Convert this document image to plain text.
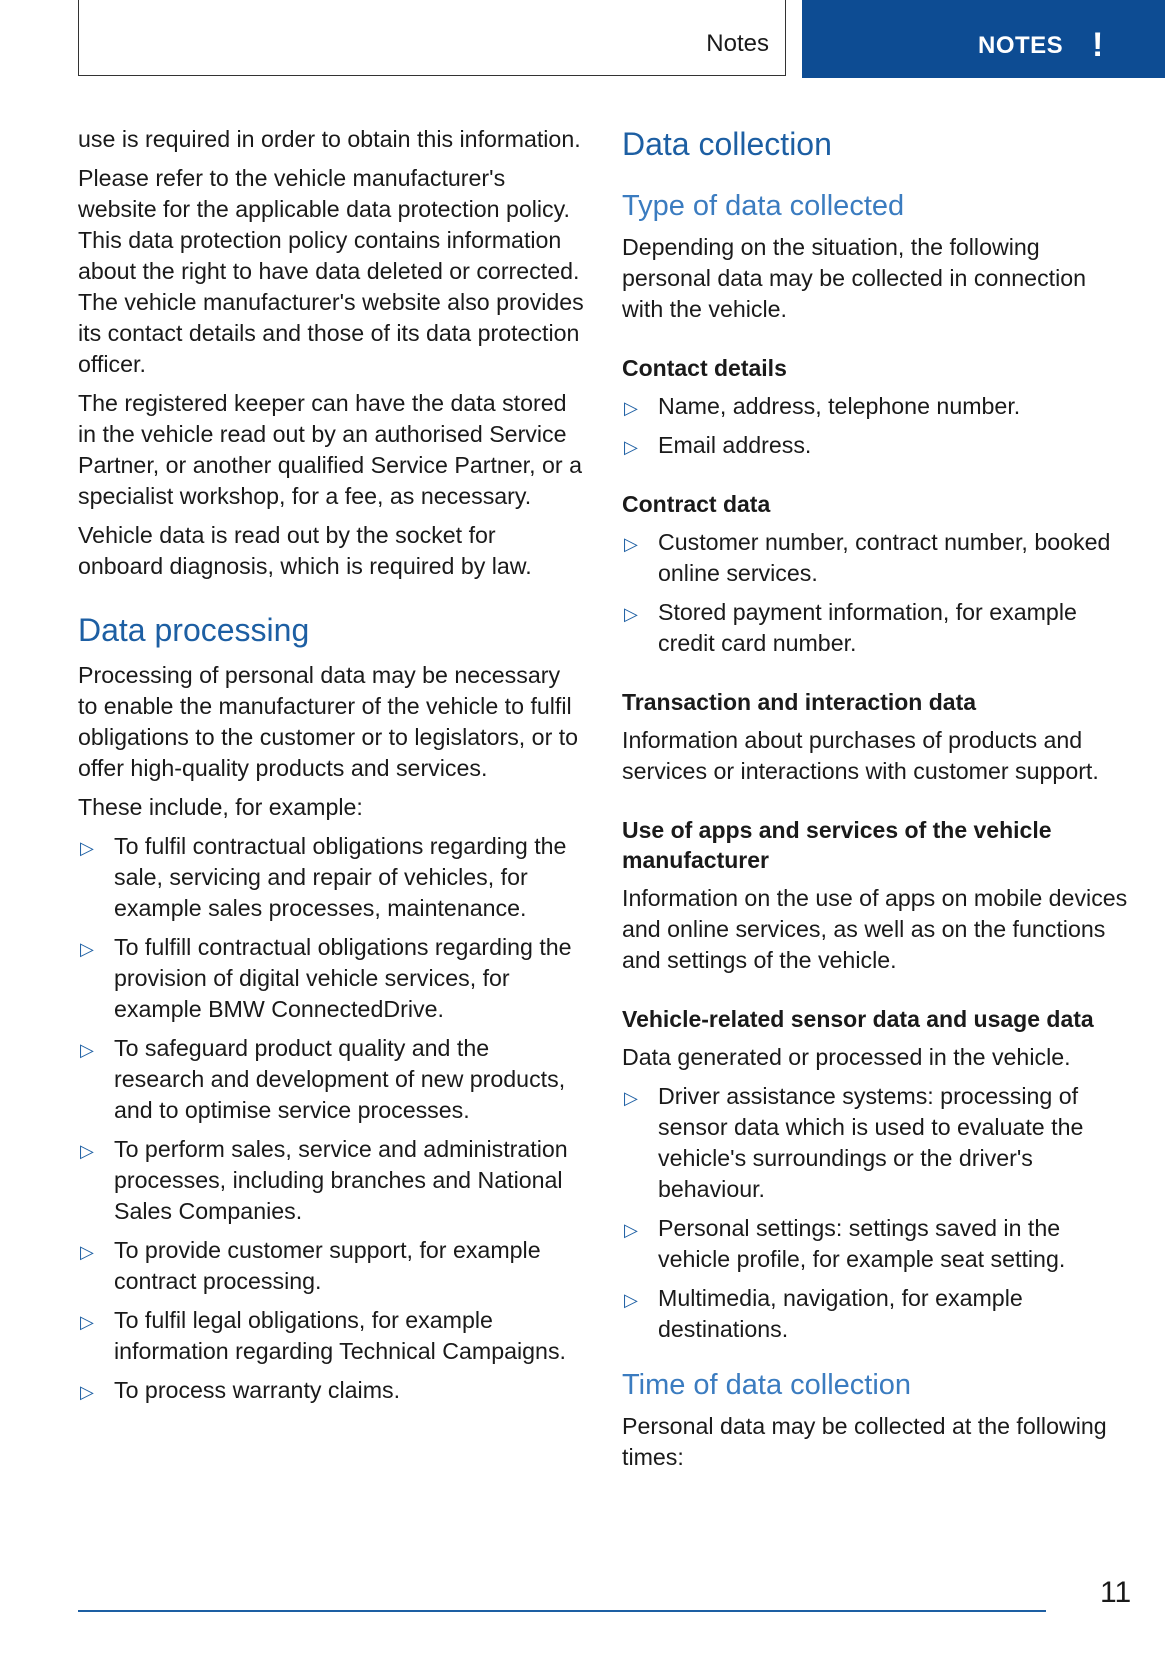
Notes	NOTES !

use is required in order to obtain this information.

Please refer to the vehicle manufacturer's website for the applicable data protection policy. This data protection policy contains information about the right to have data deleted or corrected. The vehicle manufacturer's website also provides its contact details and those of its data protection officer.

The registered keeper can have the data stored in the vehicle read out by an authorised Service Partner, or another qualified Service Partner, or a specialist workshop, for a fee, as necessary.

Vehicle data is read out by the socket for onboard diagnosis, which is required by law.

Data processing

Processing of personal data may be necessary to enable the manufacturer of the vehicle to fulfil obligations to the customer or to legislators, or to offer high-quality products and services.

These include, for example:

▷ To fulfil contractual obligations regarding the sale, servicing and repair of vehicles, for example sales processes, maintenance.
▷ To fulfill contractual obligations regarding the provision of digital vehicle services, for example BMW ConnectedDrive.
▷ To safeguard product quality and the research and development of new products, and to optimise service processes.
▷ To perform sales, service and administration processes, including branches and National Sales Companies.
▷ To provide customer support, for example contract processing.
▷ To fulfil legal obligations, for example information regarding Technical Campaigns.
▷ To process warranty claims.
Data collection
Type of data collected

Depending on the situation, the following personal data may be collected in connection with the vehicle.

Contact details
▷ Name, address, telephone number.
▷ Email address.
Contract data
▷ Customer number, contract number, booked online services.
▷ Stored payment information, for example credit card number.
Transaction and interaction data

Information about purchases of products and services or interactions with customer support.

Use of apps and services of the vehicle manufacturer

Information on the use of apps on mobile devices and online services, as well as on the functions and settings of the vehicle.

Vehicle-related sensor data and usage data

Data generated or processed in the vehicle.

▷ Driver assistance systems: processing of sensor data which is used to evaluate the vehicle's surroundings or the driver's behaviour.
▷ Personal settings: settings saved in the vehicle profile, for example seat setting.
▷ Multimedia, navigation, for example destinations.
Time of data collection

Personal data may be collected at the following times:

11
